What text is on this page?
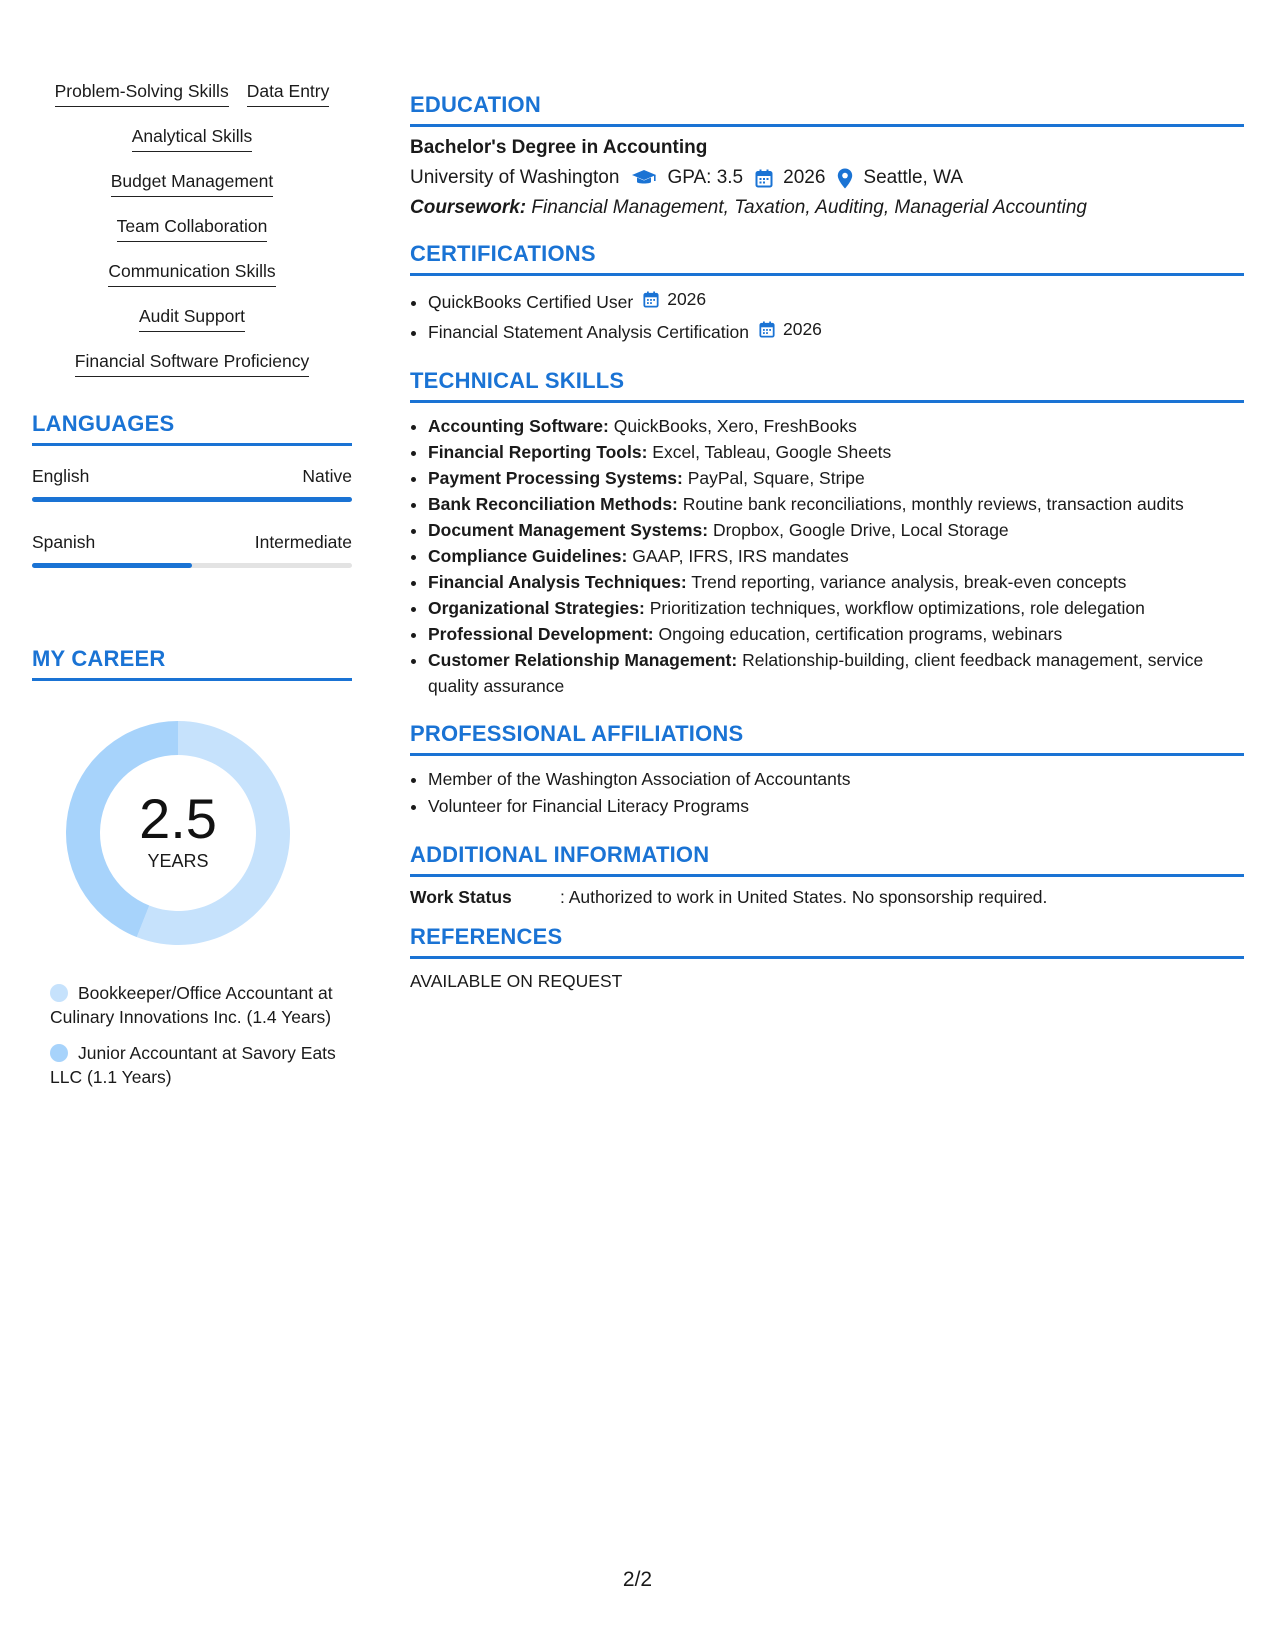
Problem-Solving Skills Data Entry
Analytical Skills
Budget Management
Team Collaboration
Communication Skills
Audit Support
Financial Software Proficiency
LANGUAGES
English	Native
Spanish	Intermediate
MY CAREER
2.5
YEARS
Bookkeeper/Office Accountant at Culinary Innovations Inc. (1.4 Years)
Junior Accountant at Savory Eats LLC (1.1 Years)
EDUCATION
Bachelor's Degree in Accounting
University of Washington	GPA: 3.5 2026 Seattle, WA
Coursework: Financial Management, Taxation, Auditing, Managerial Accounting
CERTIFICATIONS
• QuickBooks Certified User 2026
• Financial Statement Analysis Certification 2026
TECHNICAL SKILLS
• Accounting Software: QuickBooks, Xero, FreshBooks
• Financial Reporting Tools: Excel, Tableau, Google Sheets
• Payment Processing Systems: PayPal, Square, Stripe
• Bank Reconciliation Methods: Routine bank reconciliations, monthly reviews, transaction audits
• Document Management Systems: Dropbox, Google Drive, Local Storage
• Compliance Guidelines: GAAP, IFRS, IRS mandates
• Financial Analysis Techniques: Trend reporting, variance analysis, break-even concepts
• Organizational Strategies: Prioritization techniques, workflow optimizations, role delegation
• Professional Development: Ongoing education, certification programs, webinars
• Customer Relationship Management: Relationship-building, client feedback management, service quality assurance
PROFESSIONAL AFFILIATIONS
• Member of the Washington Association of Accountants
• Volunteer for Financial Literacy Programs
ADDITIONAL INFORMATION
Work Status	: Authorized to work in United States. No sponsorship required.
REFERENCES
AVAILABLE ON REQUEST
2/2
